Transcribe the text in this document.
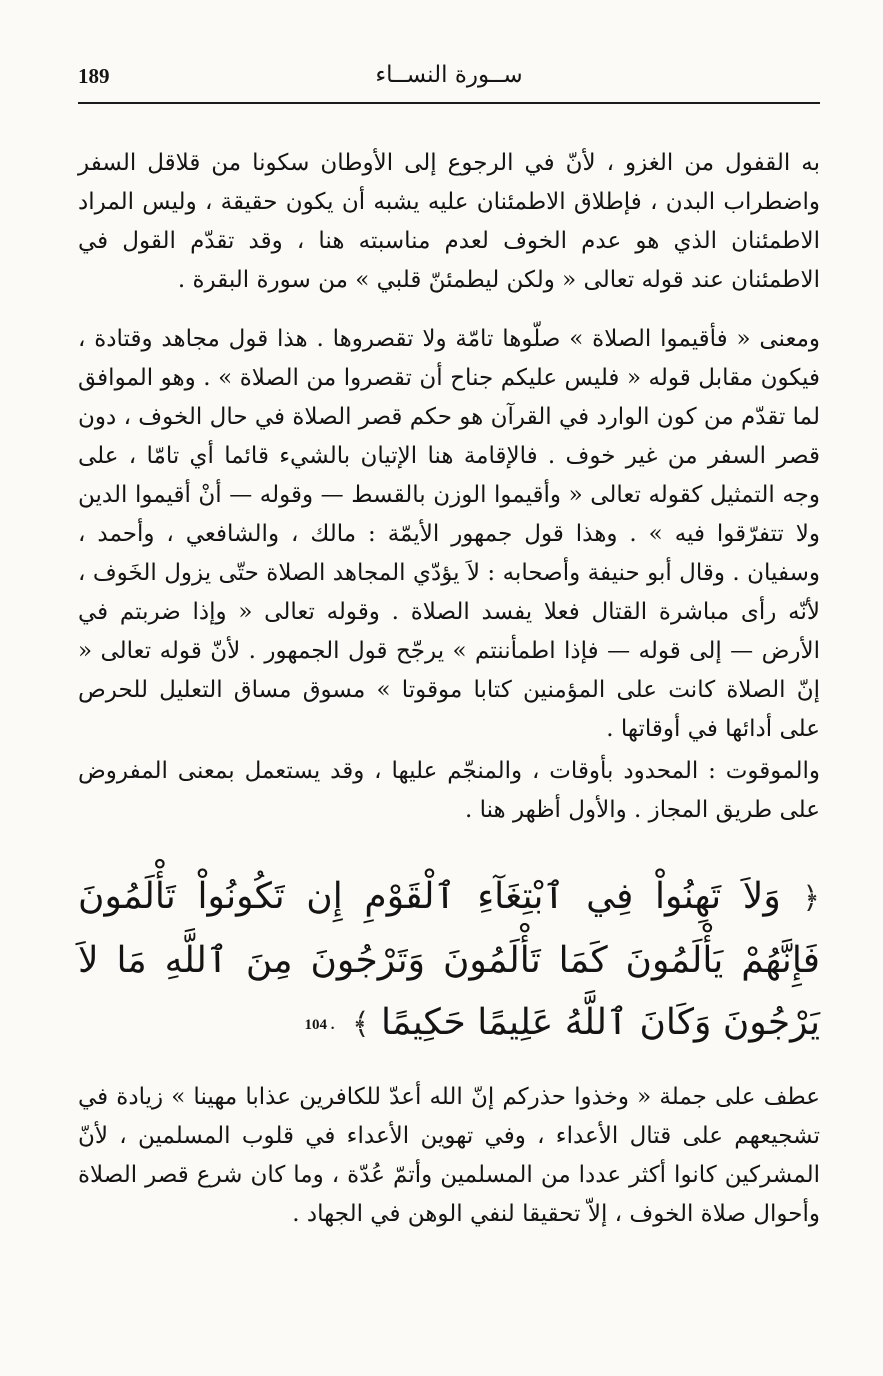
189	ســورة النســاء

به القفول من الغزو ، لأنّ في الرجوع إلى الأوطان سكونا من قلاقل السفر واضطراب البدن ، فإطلاق الاطمئنان عليه يشبه أن يكون حقيقة ، وليس المراد الاطمئنان الذي هو عدم الخوف لعدم مناسبته هنا ، وقد تقدّم القول في الاطمئنان عند قوله تعالى « ولكن ليطمئنّ قلبي » من سورة البقرة .

ومعنى « فأقيموا الصلاة » صلّوها تامّة ولا تقصروها . هذا قول مجاهد وقتادة ، فيكون مقابل قوله « فليس عليكم جناح أن تقصروا من الصلاة » . وهو الموافق لما تقدّم من كون الوارد في القرآن هو حكم قصر الصلاة في حال الخوف ، دون قصر السفر من غير خوف . فالإقامة هنا الإتيان بالشيء قائما أي تامّا ، على وجه التمثيل كقوله تعالى « وأقيموا الوزن بالقسط — وقوله — أنْ أقيموا الدين ولا تتفرّقوا فيه » . وهذا قول جمهور الأيمّة : مالك ، والشافعي ، وأحمد ، وسفيان . وقال أبو حنيفة وأصحابه : لاَ يؤدّي المجاهد الصلاة حتّى يزول الخَوف ، لأنّه رأى مباشرة القتال فعلا يفسد الصلاة . وقوله تعالى « وإذا ضربتم في الأرض — إلى قوله — فإذا اطمأننتم » يرجّح قول الجمهور . لأنّ قوله تعالى « إنّ الصلاة كانت على المؤمنين كتابا موقوتا » مسوق مساق التعليل للحرص على أدائها في أوقاتها .

والموقوت : المحدود بأوقات ، والمنجّم عليها ، وقد يستعمل بمعنى المفروض على طريق المجاز . والأول أظهر هنا .

﴿ وَلاَ تَهِنُواْ فِي ٱبْتِغَآءِ ٱلْقَوْمِ إِن تَكُونُواْ تَأْلَمُونَ فَإِنَّهُمْ يَأْلَمُونَ كَمَا تَأْلَمُونَ وَتَرْجُونَ مِنَ ٱللَّهِ مَا لاَ يَرْجُونَ وَكَانَ ٱللَّهُ عَلِيمًا حَكِيمًا ﴾ . 104

عطف على جملة « وخذوا حذركم إنّ الله أعدّ للكافرين عذابا مهينا » زيادة في تشجيعهم على قتال الأعداء ، وفي تهوين الأعداء في قلوب المسلمين ، لأنّ المشركين كانوا أكثر عددا من المسلمين وأتمّ عُدّة ، وما كان شرع قصر الصلاة وأحوال صلاة الخوف ، إلاّ تحقيقا لنفي الوهن في الجهاد .
